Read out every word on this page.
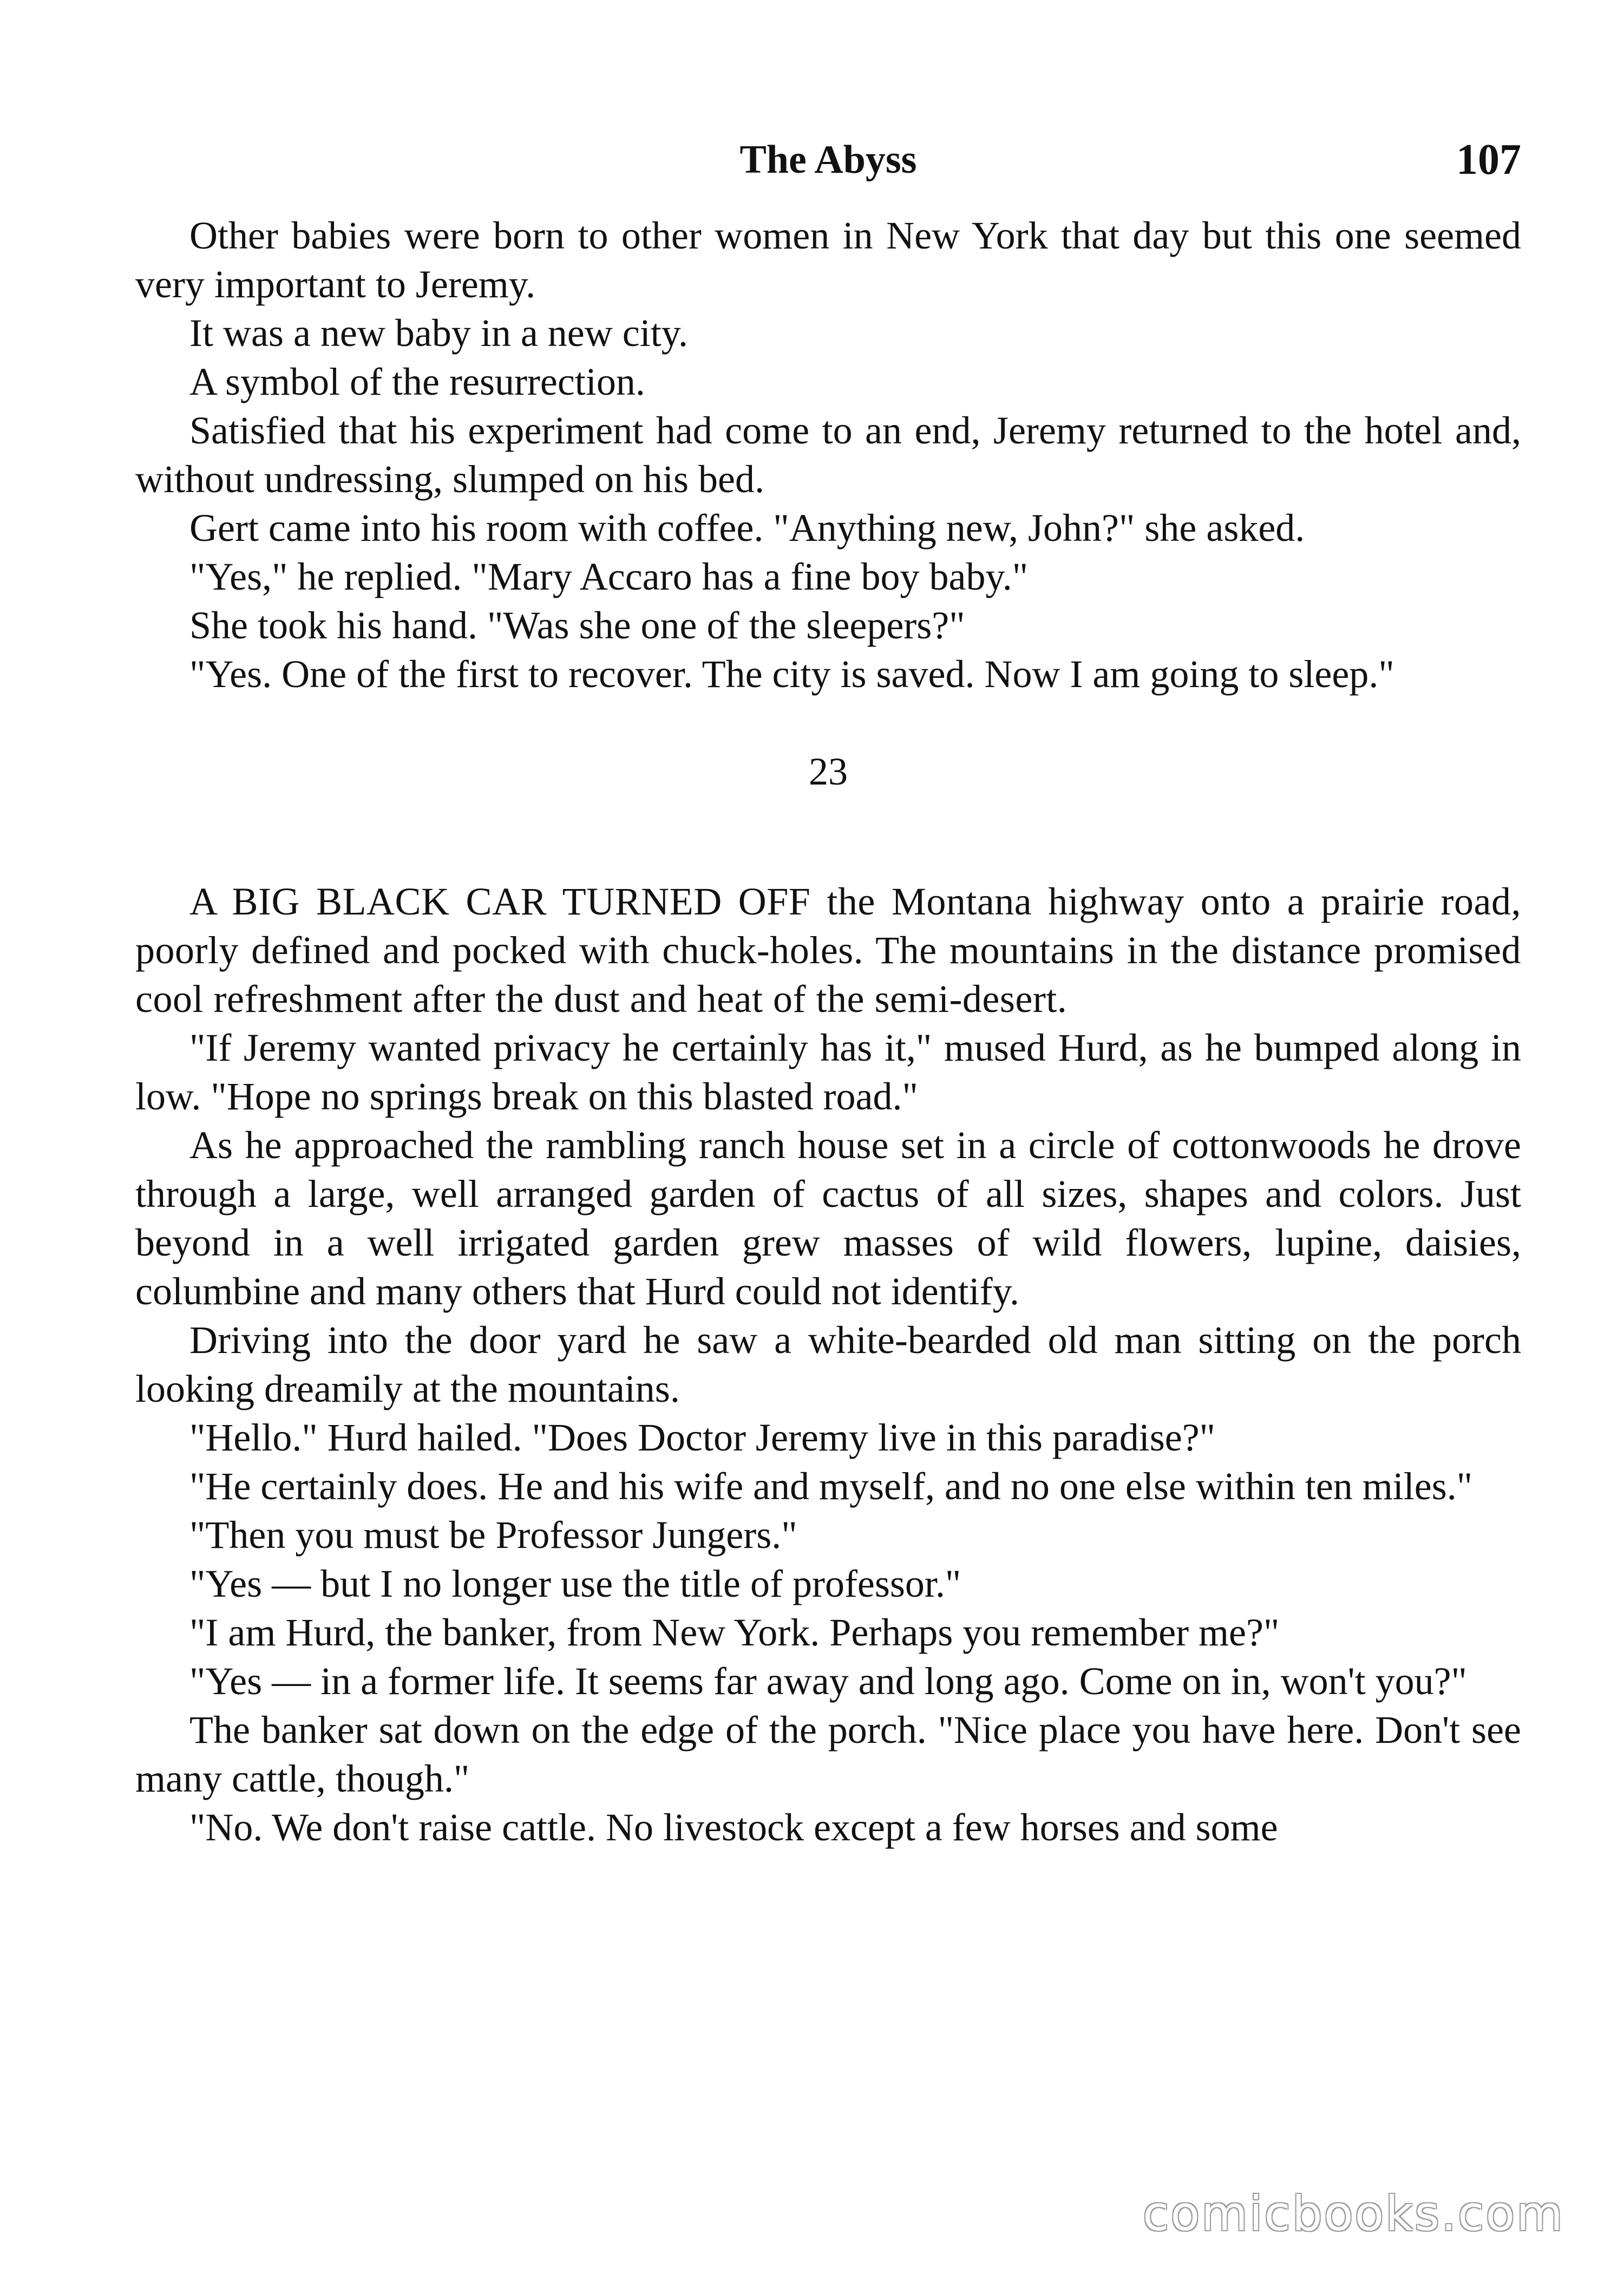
The Abyss	107

Other babies were born to other women in New York that day but this one seemed very important to Jeremy.

It was a new baby in a new city.

A symbol of the resurrection.

Satisfied that his experiment had come to an end, Jeremy returned to the hotel and, without undressing, slumped on his bed.

Gert came into his room with coffee. "Anything new, John?" she asked.

"Yes," he replied. "Mary Accaro has a fine boy baby."

She took his hand. "Was she one of the sleepers?"

"Yes. One of the first to recover. The city is saved. Now I am going to sleep."

23

A BIG BLACK CAR TURNED OFF the Montana highway onto a prairie road, poorly defined and pocked with chuck-holes. The mountains in the distance promised cool refreshment after the dust and heat of the semi-desert.

"If Jeremy wanted privacy he certainly has it," mused Hurd, as he bumped along in low. "Hope no springs break on this blasted road."

As he approached the rambling ranch house set in a circle of cottonwoods he drove through a large, well arranged garden of cactus of all sizes, shapes and colors. Just beyond in a well irrigated garden grew masses of wild flowers, lupine, daisies, columbine and many others that Hurd could not identify.

Driving into the door yard he saw a white-bearded old man sitting on the porch looking dreamily at the mountains.

"Hello." Hurd hailed. "Does Doctor Jeremy live in this paradise?"

"He certainly does. He and his wife and myself, and no one else within ten miles."

"Then you must be Professor Jungers."

"Yes — but I no longer use the title of professor."

"I am Hurd, the banker, from New York. Perhaps you remember me?"

"Yes — in a former life. It seems far away and long ago. Come on in, won't you?"

The banker sat down on the edge of the porch. "Nice place you have here. Don't see many cattle, though."

"No. We don't raise cattle. No livestock except a few horses and some

comicbooks.com
